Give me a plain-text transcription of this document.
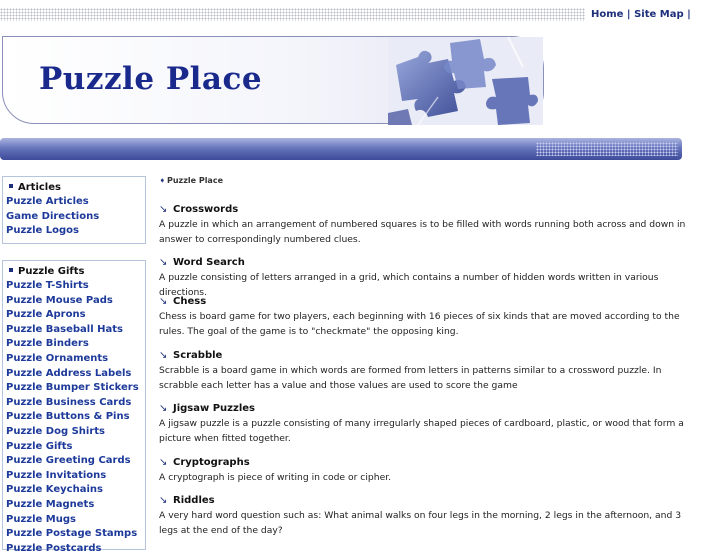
Home | Site Map |
Puzzle Place
Articles
Puzzle Articles
Game Directions
Puzzle Logos
Puzzle Gifts
Puzzle T-Shirts
Puzzle Mouse Pads
Puzzle Aprons
Puzzle Baseball Hats
Puzzle Binders
Puzzle Ornaments
Puzzle Address Labels
Puzzle Bumper Stickers
Puzzle Business Cards
Puzzle Buttons & Pins
Puzzle Dog Shirts
Puzzle Gifts
Puzzle Greeting Cards
Puzzle Invitations
Puzzle Keychains
Puzzle Magnets
Puzzle Mugs
Puzzle Postage Stamps
Puzzle Postcards
➧Puzzle Place
↘ Crosswords
A puzzle in which an arrangement of numbered squares is to be filled with words running both across and down in answer to correspondingly numbered clues.
↘ Word Search
A puzzle consisting of letters arranged in a grid, which contains a number of hidden words written in various directions.
↘ Chess
Chess is board game for two players, each beginning with 16 pieces of six kinds that are moved according to the rules. The goal of the game is to "checkmate" the opposing king.
↘ Scrabble
Scrabble is a board game in which words are formed from letters in patterns similar to a crossword puzzle. In scrabble each letter has a value and those values are used to score the game
↘ Jigsaw Puzzles
A jigsaw puzzle is a puzzle consisting of many irregularly shaped pieces of cardboard, plastic, or wood that form a picture when fitted together.
↘ Cryptographs
A cryptograph is piece of writing in code or cipher.
↘ Riddles
A very hard word question such as: What animal walks on four legs in the morning, 2 legs in the afternoon, and 3 legs at the end of the day?
